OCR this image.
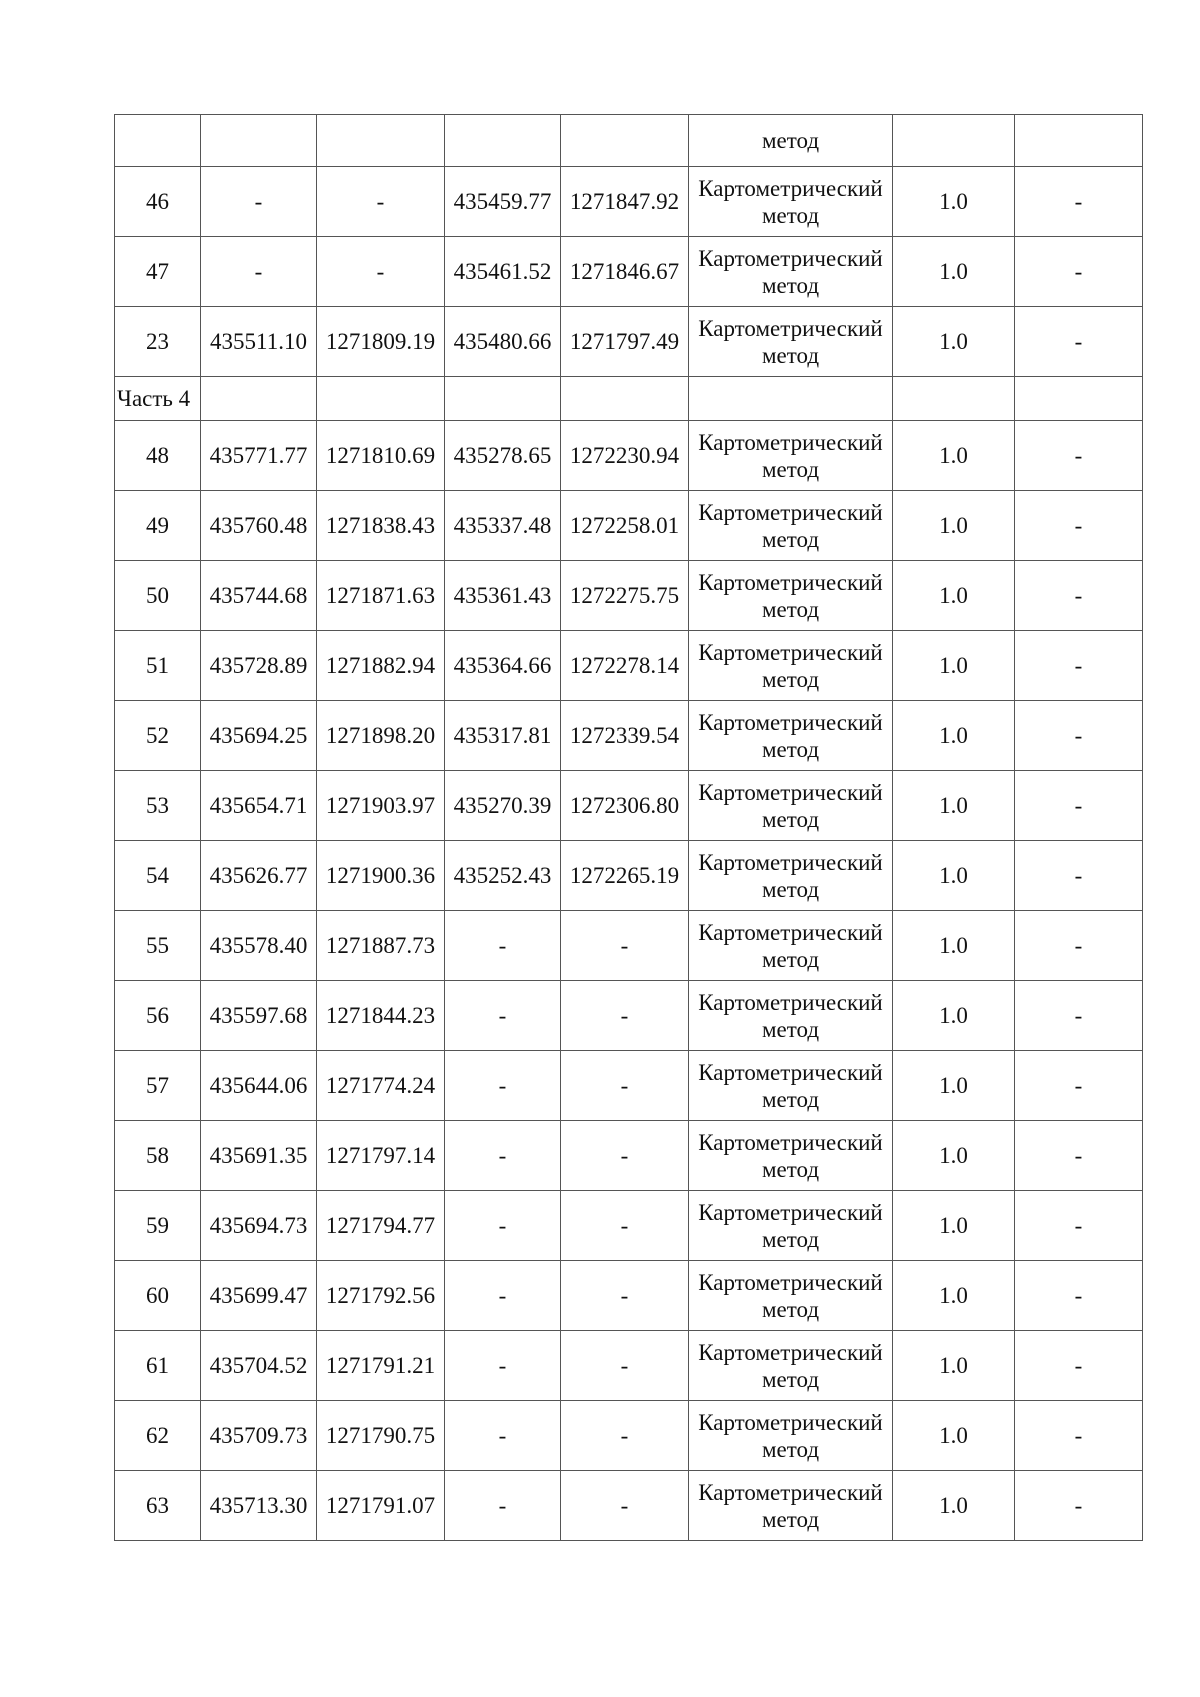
					метод		
46	-	-	435459.77	1271847.92	Картометрический
метод	1.0	-
47	-	-	435461.52	1271846.67	Картометрический
метод	1.0	-
23	435511.10	1271809.19	435480.66	1271797.49	Картометрический
метод	1.0	-
Часть 4							
48	435771.77	1271810.69	435278.65	1272230.94	Картометрический
метод	1.0	-
49	435760.48	1271838.43	435337.48	1272258.01	Картометрический
метод	1.0	-
50	435744.68	1271871.63	435361.43	1272275.75	Картометрический
метод	1.0	-
51	435728.89	1271882.94	435364.66	1272278.14	Картометрический
метод	1.0	-
52	435694.25	1271898.20	435317.81	1272339.54	Картометрический
метод	1.0	-
53	435654.71	1271903.97	435270.39	1272306.80	Картометрический
метод	1.0	-
54	435626.77	1271900.36	435252.43	1272265.19	Картометрический
метод	1.0	-
55	435578.40	1271887.73	-	-	Картометрический
метод	1.0	-
56	435597.68	1271844.23	-	-	Картометрический
метод	1.0	-
57	435644.06	1271774.24	-	-	Картометрический
метод	1.0	-
58	435691.35	1271797.14	-	-	Картометрический
метод	1.0	-
59	435694.73	1271794.77	-	-	Картометрический
метод	1.0	-
60	435699.47	1271792.56	-	-	Картометрический
метод	1.0	-
61	435704.52	1271791.21	-	-	Картометрический
метод	1.0	-
62	435709.73	1271790.75	-	-	Картометрический
метод	1.0	-
63	435713.30	1271791.07	-	-	Картометрический
метод	1.0	-
